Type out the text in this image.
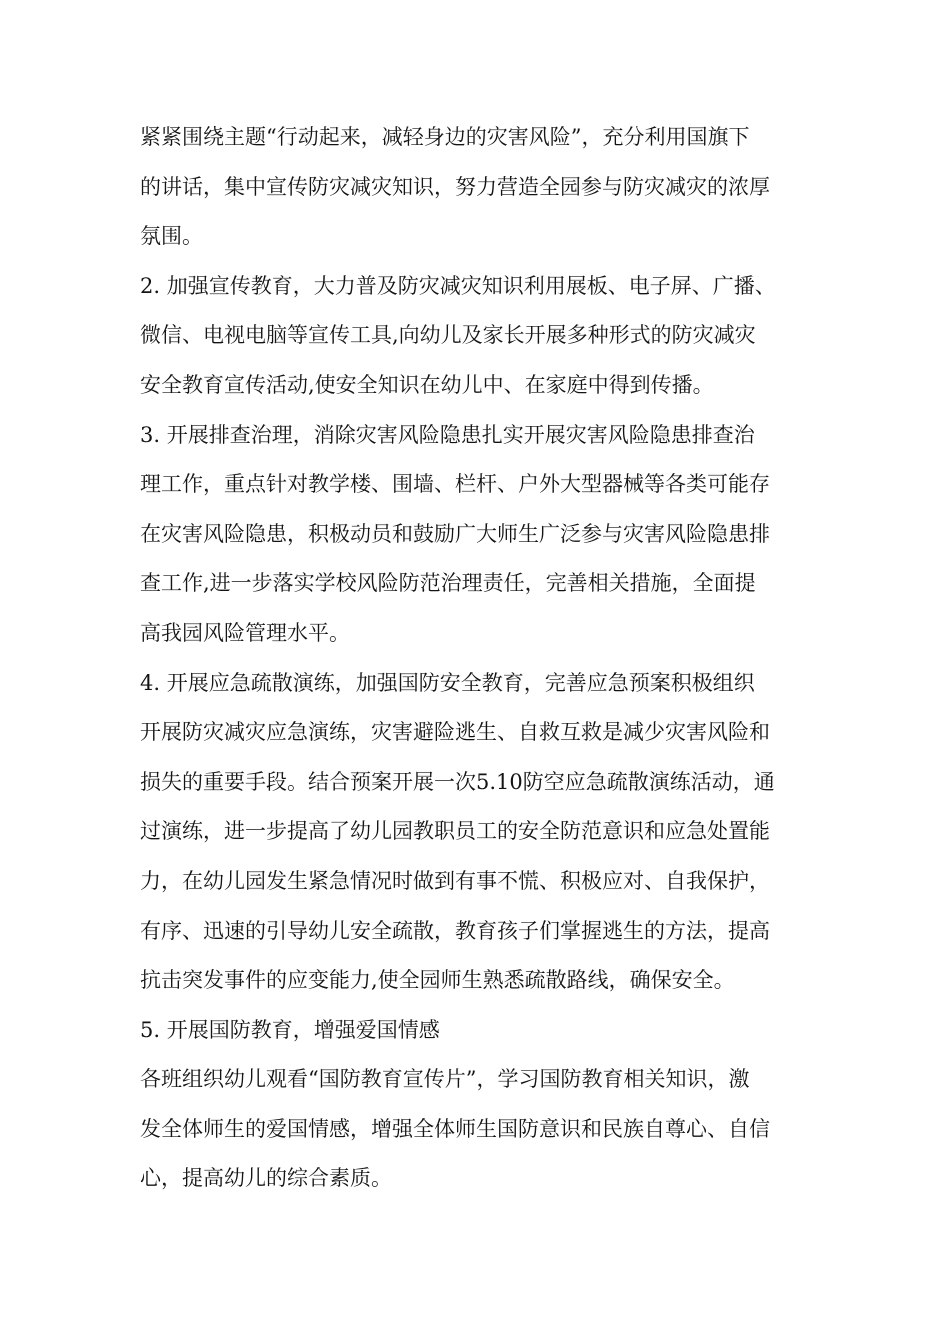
紧紧围绕主题“行动起来，减轻身边的灾害风险”，充分利用国旗下
的讲话，集中宣传防灾减灾知识，努力营造全园参与防灾减灾的浓厚
氛围。
2. 加强宣传教育，大力普及防灾减灾知识利用展板、电子屏、广播、
微信、电视电脑等宣传工具,向幼儿及家长开展多种形式的防灾减灾
安全教育宣传活动,使安全知识在幼儿中、在家庭中得到传播。
3. 开展排查治理，消除灾害风险隐患扎实开展灾害风险隐患排查治
理工作，重点针对教学楼、围墙、栏杆、户外大型器械等各类可能存
在灾害风险隐患，积极动员和鼓励广大师生广泛参与灾害风险隐患排
查工作,进一步落实学校风险防范治理责任，完善相关措施，全面提
高我园风险管理水平。
4. 开展应急疏散演练，加强国防安全教育，完善应急预案积极组织
开展防灾减灾应急演练，灾害避险逃生、自救互救是减少灾害风险和
损失的重要手段。结合预案开展一次5.10防空应急疏散演练活动，通
过演练，进一步提高了幼儿园教职员工的安全防范意识和应急处置能
力，在幼儿园发生紧急情况时做到有事不慌、积极应对、自我保护，
有序、迅速的引导幼儿安全疏散，教育孩子们掌握逃生的方法，提高
抗击突发事件的应变能力,使全园师生熟悉疏散路线，确保安全。
5. 开展国防教育，增强爱国情感
各班组织幼儿观看“国防教育宣传片”，学习国防教育相关知识，激
发全体师生的爱国情感，增强全体师生国防意识和民族自尊心、自信
心，提高幼儿的综合素质。
